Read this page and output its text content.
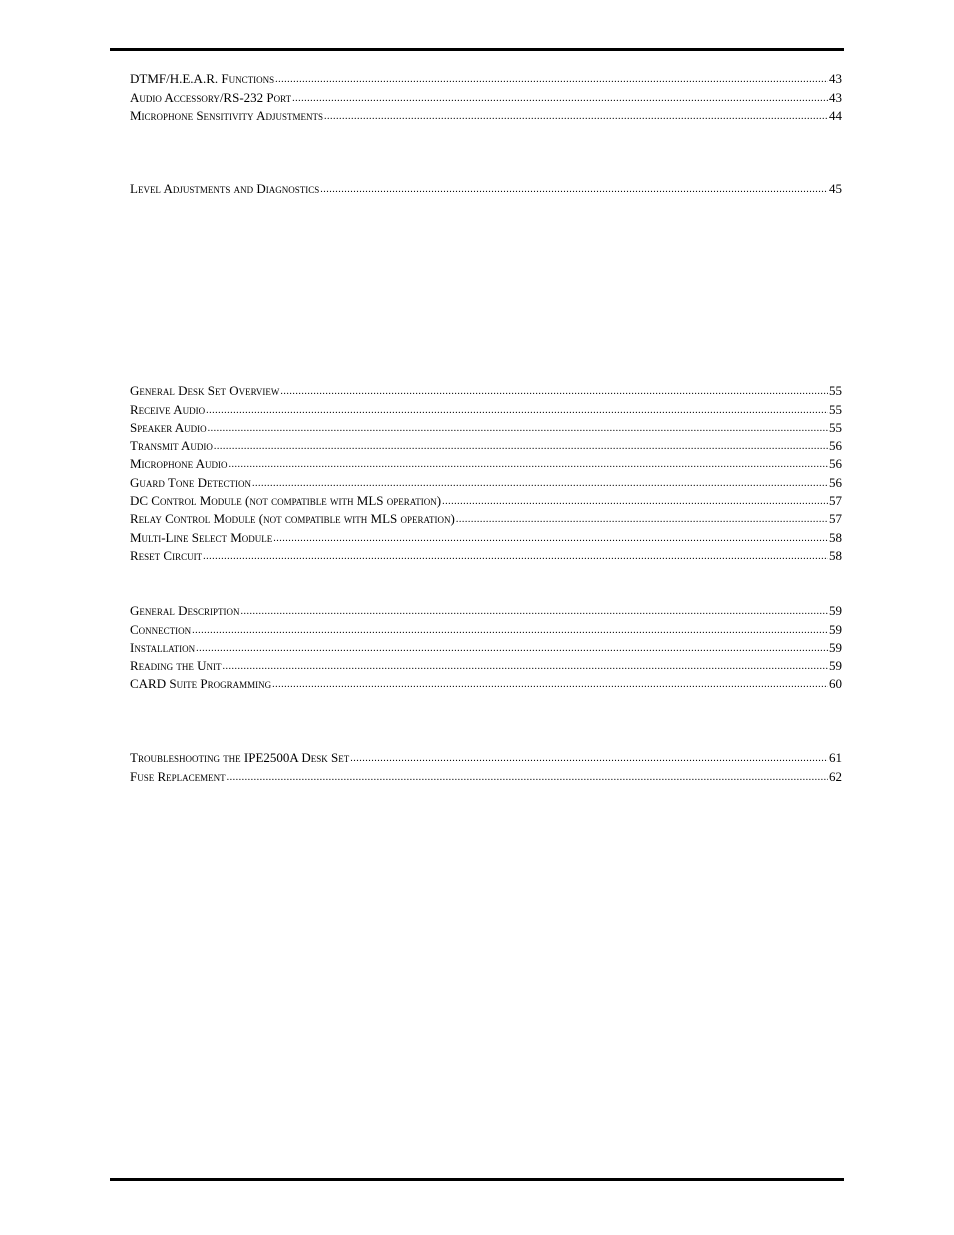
DTMF/H.E.A.R. Functions .....	43
Audio Accessory/RS-232 Port .....	43
Microphone Sensitivity Adjustments .....	44
Level Adjustments and Diagnostics .....	45
General Desk Set Overview .....	55
Receive Audio .....	55
Speaker Audio .....	55
Transmit Audio .....	56
Microphone Audio .....	56
Guard Tone Detection .....	56
DC Control Module (not compatible with MLS operation) .....	57
Relay Control Module (not compatible with MLS operation) .....	57
Multi-Line Select Module .....	58
Reset Circuit .....	58
General Description .....	59
Connection .....	59
Installation .....	59
Reading the Unit .....	59
CARD Suite Programming .....	60
Troubleshooting the IPE2500A Desk Set .....	61
Fuse Replacement .....	62
